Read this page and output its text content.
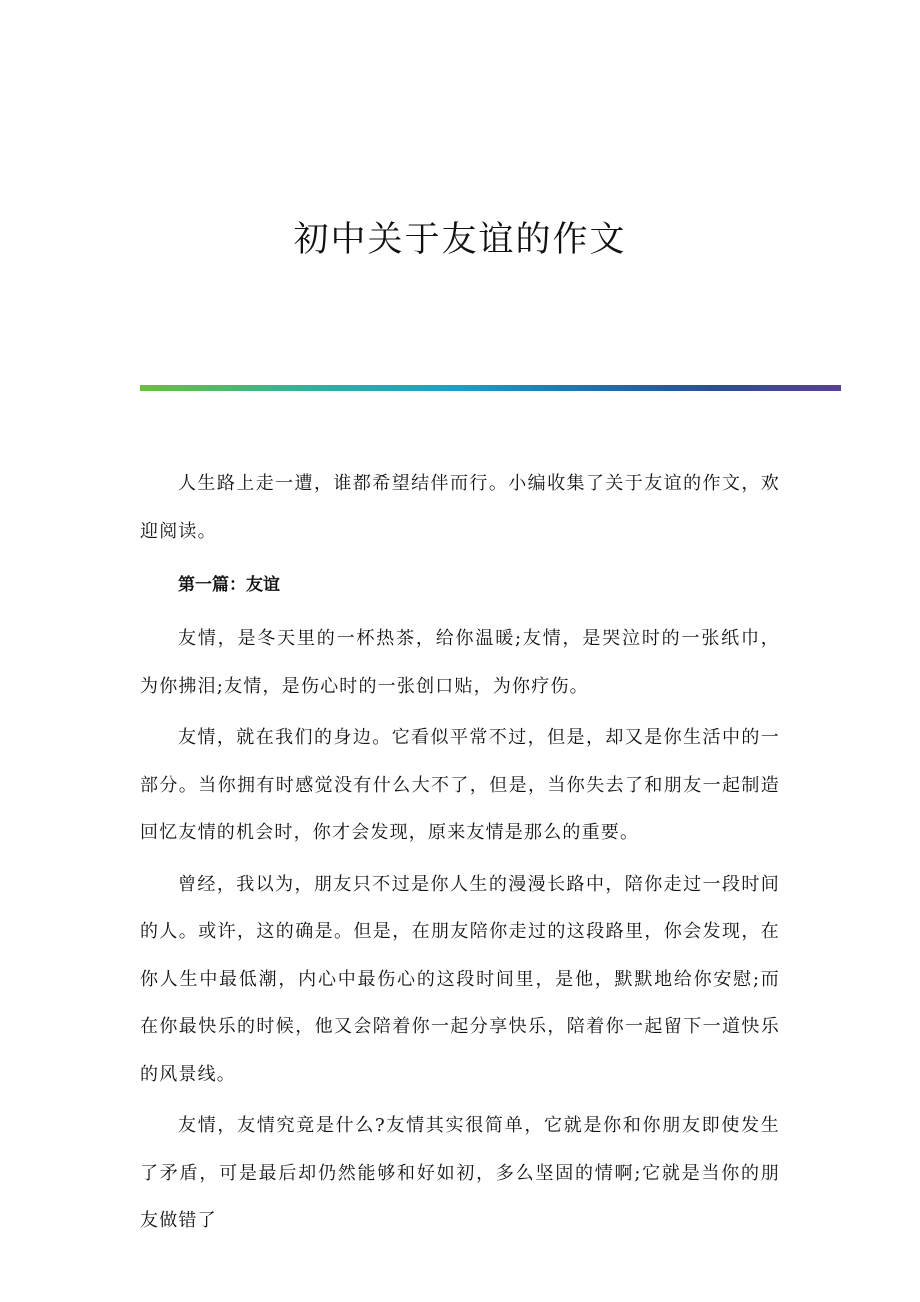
初中关于友谊的作文

人生路上走一遭，谁都希望结伴而行。小编收集了关于友谊的作文，欢迎阅读。

第一篇：友谊

友情，是冬天里的一杯热茶，给你温暖;友情，是哭泣时的一张纸巾，为你拂泪;友情，是伤心时的一张创口贴，为你疗伤。

友情，就在我们的身边。它看似平常不过，但是，却又是你生活中的一部分。当你拥有时感觉没有什么大不了，但是，当你失去了和朋友一起制造回忆友情的机会时，你才会发现，原来友情是那么的重要。

曾经，我以为，朋友只不过是你人生的漫漫长路中，陪你走过一段时间的人。或许，这的确是。但是，在朋友陪你走过的这段路里，你会发现，在你人生中最低潮，内心中最伤心的这段时间里，是他，默默地给你安慰;而在你最快乐的时候，他又会陪着你一起分享快乐，陪着你一起留下一道快乐的风景线。

友情，友情究竟是什么?友情其实很简单，它就是你和你朋友即使发生了矛盾，可是最后却仍然能够和好如初，多么坚固的情啊;它就是当你的朋友做错了
